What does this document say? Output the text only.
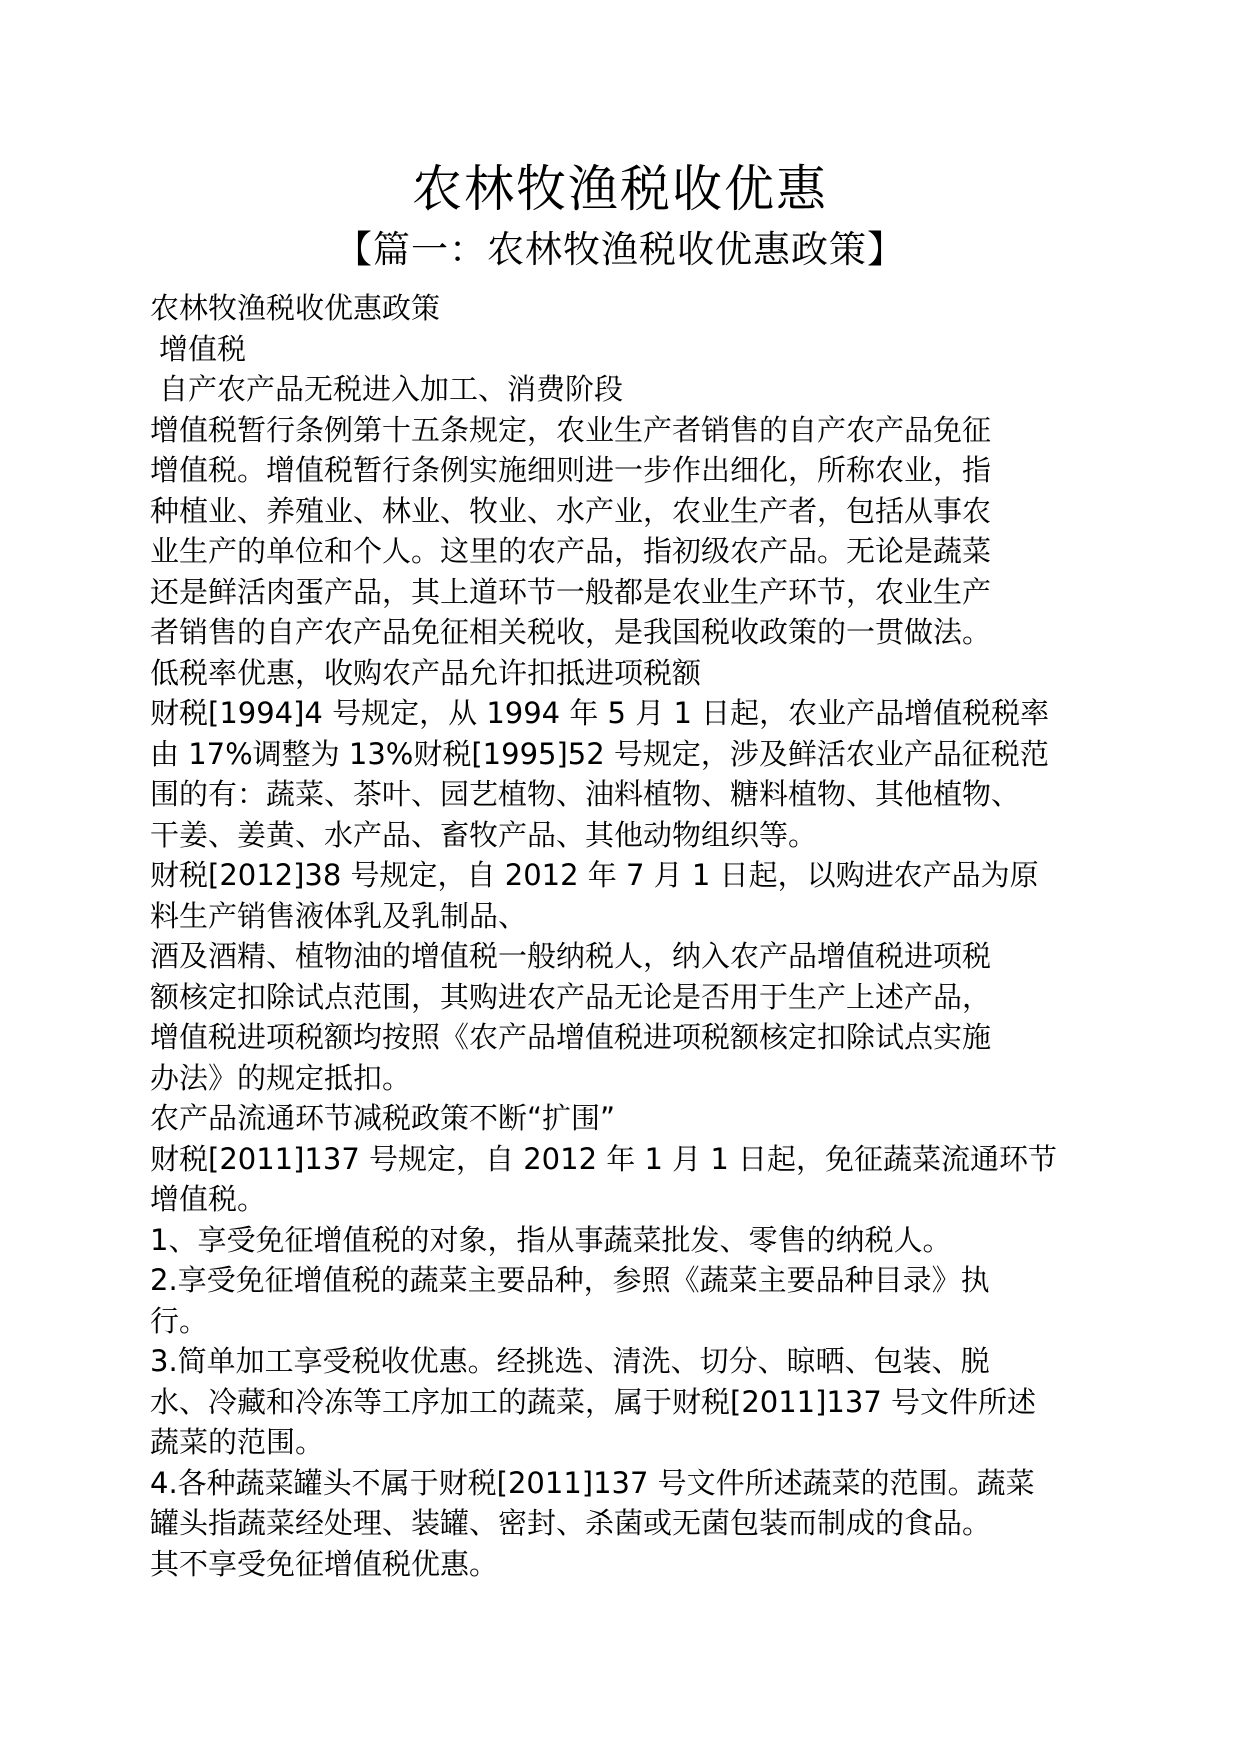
农林牧渔税收优惠
【篇一：农林牧渔税收优惠政策】
农林牧渔税收优惠政策
增值税
自产农产品无税进入加工、消费阶段
增值税暂行条例第十五条规定，农业生产者销售的自产农产品免征
增值税。增值税暂行条例实施细则进一步作出细化，所称农业，指
种植业、养殖业、林业、牧业、水产业，农业生产者，包括从事农
业生产的单位和个人。这里的农产品，指初级农产品。无论是蔬菜
还是鲜活肉蛋产品，其上道环节一般都是农业生产环节，农业生产
者销售的自产农产品免征相关税收，是我国税收政策的一贯做法。
低税率优惠，收购农产品允许扣抵进项税额
财税[1994]4 号规定，从 1994 年 5 月 1 日起，农业产品增值税税率
由 17%调整为 13%财税[1995]52 号规定，涉及鲜活农业产品征税范
围的有：蔬菜、茶叶、园艺植物、油料植物、糖料植物、其他植物、
干姜、姜黄、水产品、畜牧产品、其他动物组织等。
财税[2012]38 号规定，自 2012 年 7 月 1 日起，以购进农产品为原
料生产销售液体乳及乳制品、
酒及酒精、植物油的增值税一般纳税人，纳入农产品增值税进项税
额核定扣除试点范围，其购进农产品无论是否用于生产上述产品，
增值税进项税额均按照《农产品增值税进项税额核定扣除试点实施
办法》的规定抵扣。
农产品流通环节减税政策不断“扩围”
财税[2011]137 号规定，自 2012 年 1 月 1 日起，免征蔬菜流通环节
增值税。
1、享受免征增值税的对象，指从事蔬菜批发、零售的纳税人。
2.享受免征增值税的蔬菜主要品种，参照《蔬菜主要品种目录》执
行。
3.简单加工享受税收优惠。经挑选、清洗、切分、晾晒、包装、脱
水、冷藏和冷冻等工序加工的蔬菜，属于财税[2011]137 号文件所述
蔬菜的范围。
4.各种蔬菜罐头不属于财税[2011]137 号文件所述蔬菜的范围。蔬菜
罐头指蔬菜经处理、装罐、密封、杀菌或无菌包装而制成的食品。
其不享受免征增值税优惠。
